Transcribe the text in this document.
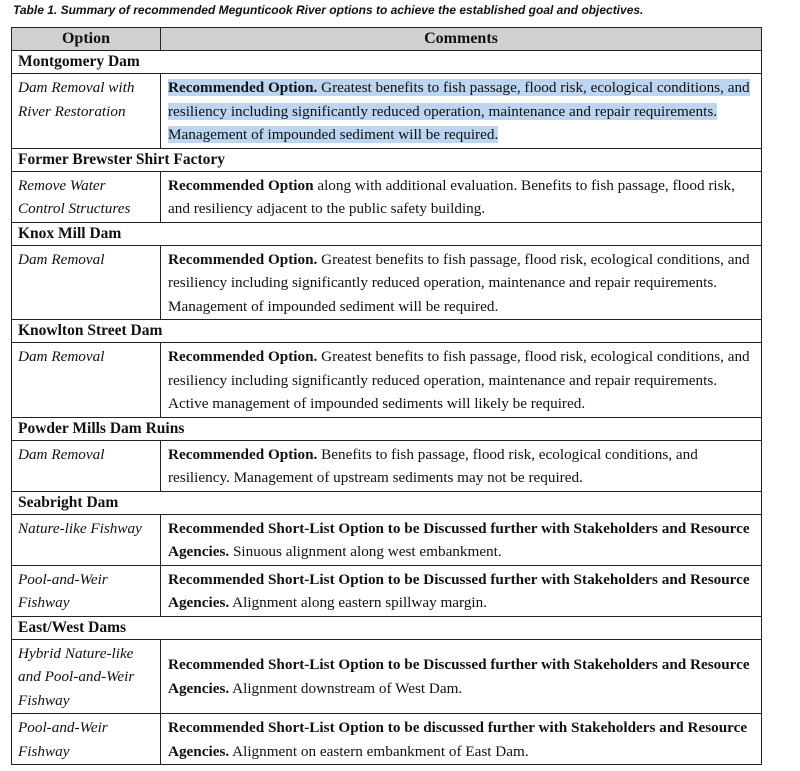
Table 1. Summary of recommended Megunticook River options to achieve the established goal and objectives.
Option	Comments
Montgomery Dam	
Dam Removal with River Restoration	Recommended Option. Greatest benefits to fish passage, flood risk, ecological conditions, and resiliency including significantly reduced operation, maintenance and repair requirements. Management of impounded sediment will be required.
Former Brewster Shirt Factory	
Remove Water Control Structures	Recommended Option along with additional evaluation. Benefits to fish passage, flood risk, and resiliency adjacent to the public safety building.
Knox Mill Dam	
Dam Removal	Recommended Option. Greatest benefits to fish passage, flood risk, ecological conditions, and resiliency including significantly reduced operation, maintenance and repair requirements. Management of impounded sediment will be required.
Knowlton Street Dam	
Dam Removal	Recommended Option. Greatest benefits to fish passage, flood risk, ecological conditions, and resiliency including significantly reduced operation, maintenance and repair requirements. Active management of impounded sediments will likely be required.
Powder Mills Dam Ruins	
Dam Removal	Recommended Option. Benefits to fish passage, flood risk, ecological conditions, and resiliency. Management of upstream sediments may not be required.
Seabright Dam	
Nature-like Fishway	Recommended Short-List Option to be Discussed further with Stakeholders and Resource Agencies. Sinuous alignment along west embankment.
Pool-and-Weir Fishway	Recommended Short-List Option to be Discussed further with Stakeholders and Resource Agencies. Alignment along eastern spillway margin.
East/West Dams	
Hybrid Nature-like and Pool-and-Weir Fishway	Recommended Short-List Option to be Discussed further with Stakeholders and Resource Agencies. Alignment downstream of West Dam.
Pool-and-Weir Fishway	Recommended Short-List Option to be discussed further with Stakeholders and Resource Agencies. Alignment on eastern embankment of East Dam.
